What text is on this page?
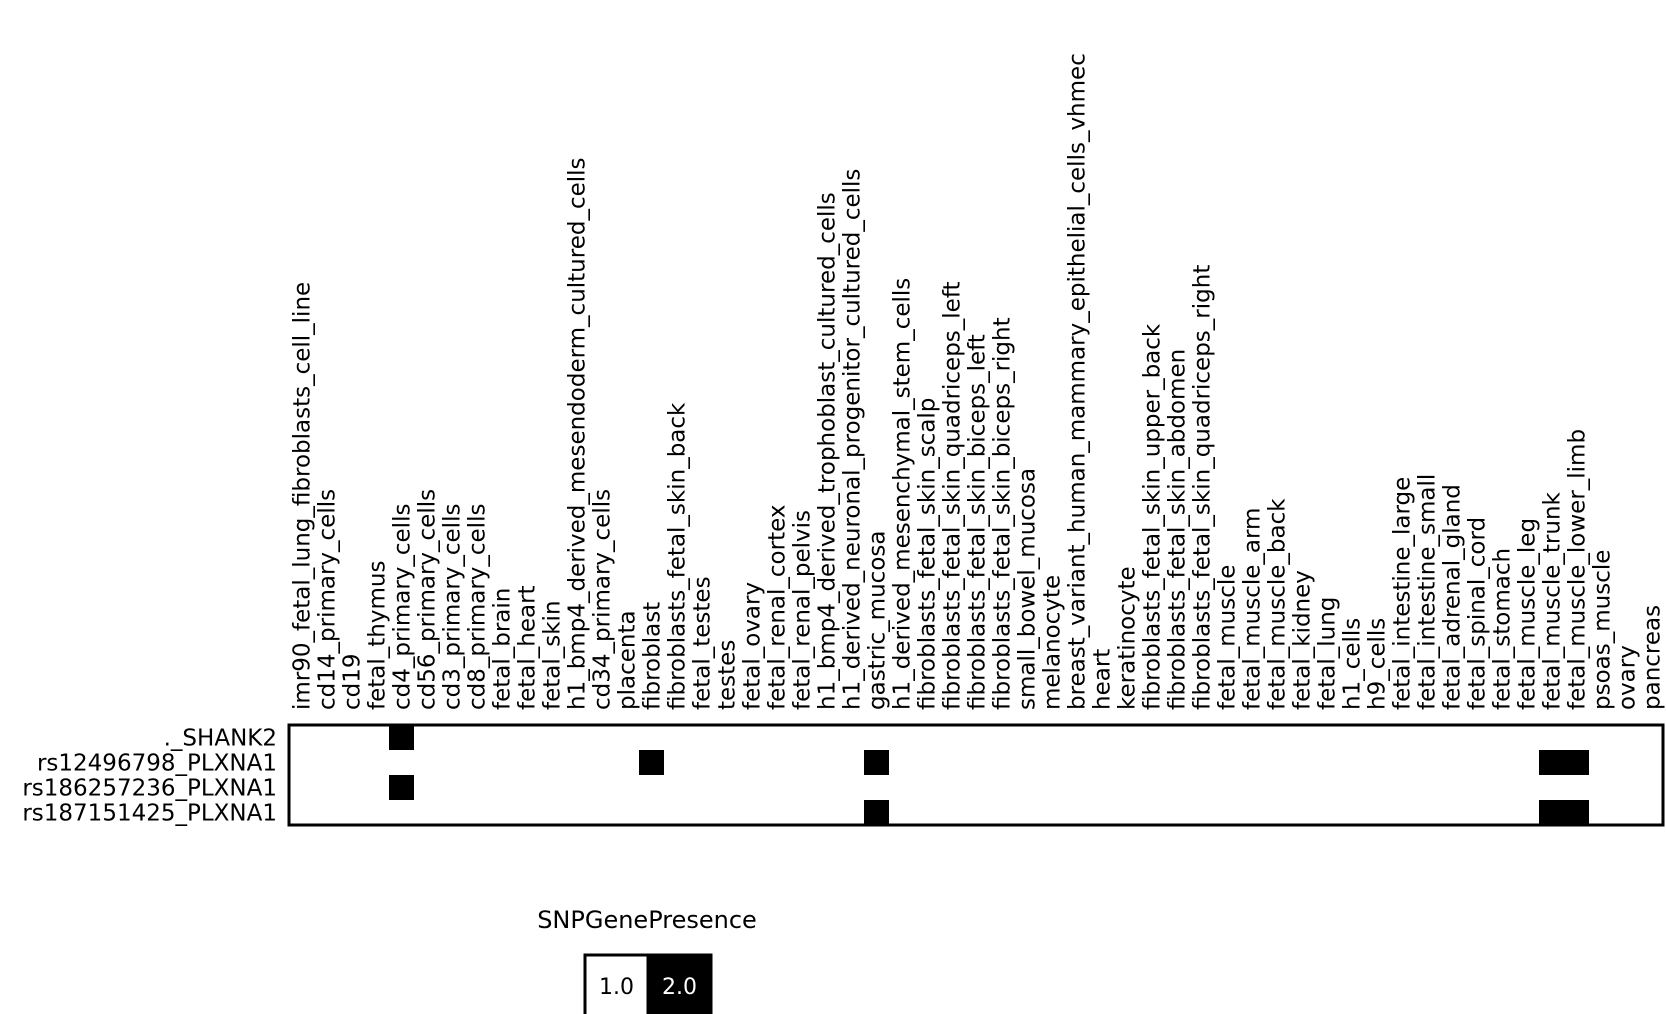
imr90_fetal_lung_fibroblasts_cell_line cd14_primary_cells cd19 fetal_thymus cd4_primary_cells cd56_primary_cells cd3_primary_cells cd8_primary_cells fetal_brain fetal_heart fetal_skin h1_bmp4_derived_mesendoderm_cultured_cells cd34_primary_cells placenta fibroblast fibroblasts_fetal_skin_back fetal_testes testes fetal_ovary fetal_renal_cortex fetal_renal_pelvis h1_bmp4_derived_trophoblast_cultured_cells h1_derived_neuronal_progenitor_cultured_cells gastric_mucosa h1_derived_mesenchymal_stem_cells fibroblasts_fetal_skin_scalp fibroblasts_fetal_skin_quadriceps_left fibroblasts_fetal_skin_biceps_left fibroblasts_fetal_skin_biceps_right small_bowel_mucosa melanocyte breast_variant_human_mammary_epithelial_cells_vhmec heart keratinocyte fibroblasts_fetal_skin_upper_back fibroblasts_fetal_skin_abdomen fibroblasts_fetal_skin_quadriceps_right fetal_muscle fetal_muscle_arm fetal_muscle_back fetal_kidney fetal_lung h1_cells h9_cells fetal_intestine_large fetal_intestine_small fetal_adrenal_gland fetal_spinal_cord fetal_stomach fetal_muscle_leg fetal_muscle_trunk fetal_muscle_lower_limb psoas_muscle ovary pancreas
._SHANK2
rs12496798_PLXNA1
rs186257236_PLXNA1
rs187151425_PLXNA1
SNPGenePresence
1.0 2.0
